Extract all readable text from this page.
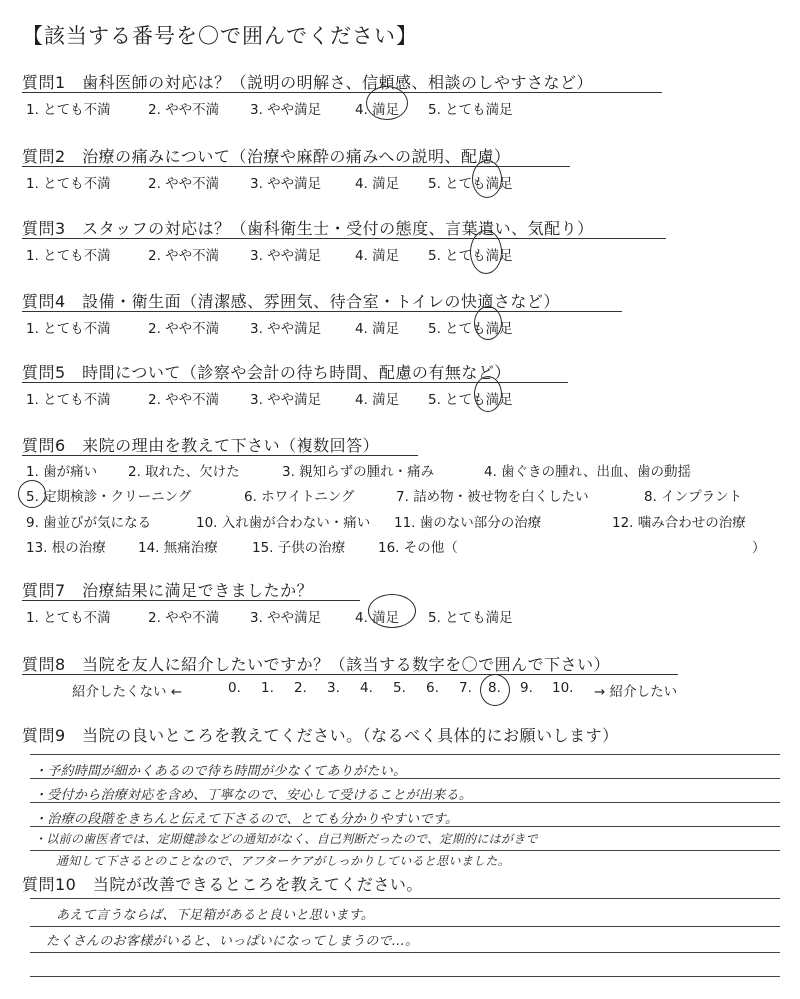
【該当する番号を〇で囲んでください】
質問1　歯科医師の対応は？（説明の明解さ、信頼感、相談のしやすさなど）
1. とても不満	2. やや不満 3. やや満足	4. 満足 5. とても満足
質問2　治療の痛みについて（治療や麻酔の痛みへの説明、配慮）
1. とても不満	2. やや不満 3. やや満足	4. 満足 5. とても満足
質問3　スタッフの対応は？（歯科衛生士・受付の態度、言葉遣い、気配り）
1. とても不満	2. やや不満 3. やや満足	4. 満足 5. とても満足
質問4　設備・衛生面（清潔感、雰囲気、待合室・トイレの快適さなど）
1. とても不満	2. やや不満 3. やや満足	4. 満足 5. とても満足
質問5　時間について（診察や会計の待ち時間、配慮の有無など）
1. とても不満	2. やや不満 3. やや満足	4. 満足 5. とても満足
質問6　来院の理由を教えて下さい（複数回答）
1. 歯が痛い 2. 取れた、欠けた	3. 親知らずの腫れ・痛み	4. 歯ぐきの腫れ、出血、歯の動揺
5. 定期検診・クリーニング	6. ホワイトニング	7. 詰め物・被せ物を白くしたい	8. インプラント
9. 歯並びが気になる	10. 入れ歯が合わない・痛い 11. 歯のない部分の治療	12. 噛み合わせの治療
13. 根の治療 14. 無痛治療	15. 子供の治療 16. その他（	）
質問7　治療結果に満足できましたか？
1. とても不満	2. やや不満 3. やや満足	4. 満足 5. とても満足
質問8　当院を友人に紹介したいですか？（該当する数字を〇で囲んで下さい）
紹介したくない ←	0. 1. 2. 3. 4. 5. 6. 7. 8. 9. 10. → 紹介したい
質問9　当院の良いところを教えてください。（なるべく具体的にお願いします）
・予約時間が細かくあるので待ち時間が少なくてありがたい。
・受付から治療対応を含め、丁寧なので、安心して受けることが出来る。
・治療の段階をきちんと伝えて下さるので、とても分かりやすいです。
・以前の歯医者では、定期健診などの通知がなく、自己判断だったので、定期的にはがきで
通知して下さるとのことなので、アフターケアがしっかりしていると思いました。
質問10　当院が改善できるところを教えてください。
あえて言うならば、下足箱があると良いと思います。
たくさんのお客様がいると、いっぱいになってしまうので…。
